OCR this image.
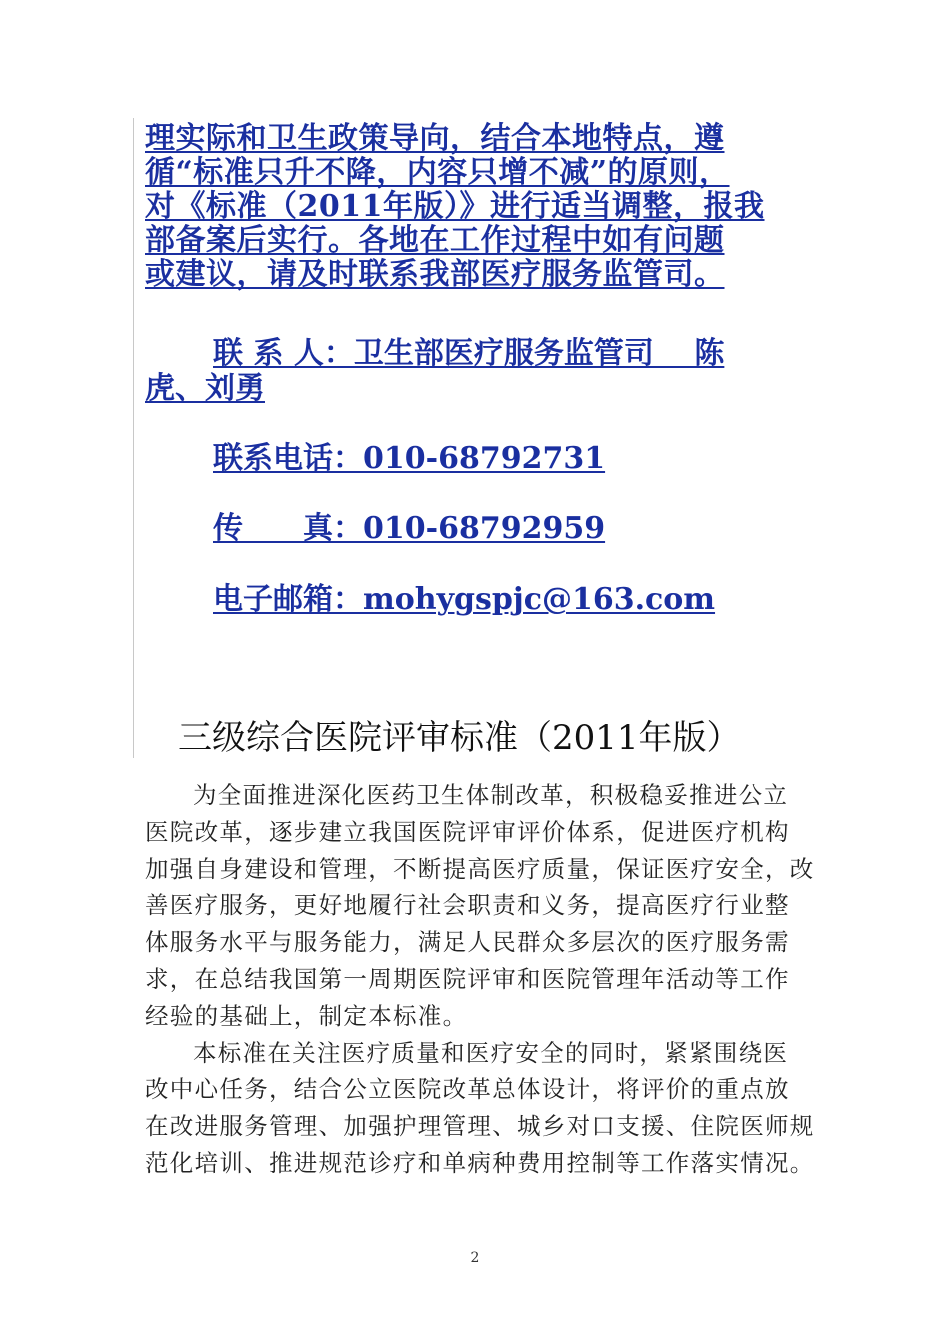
理实际和卫生政策导向，结合本地特点，遵
循“标准只升不降，内容只增不减”的原则，
对《标准（2011年版）》进行适当调整，报我
部备案后实行。各地在工作过程中如有问题
或建议，请及时联系我部医疗服务监管司。
联 系 人：卫生部医疗服务监管司　 陈
虎、刘勇
联系电话：010-68792731
传　　真：010-68792959
电子邮箱：mohygspjc@163.com
三级综合医院评审标准（2011年版）
为全面推进深化医药卫生体制改革，积极稳妥推进公立
医院改革，逐步建立我国医院评审评价体系，促进医疗机构
加强自身建设和管理，不断提高医疗质量，保证医疗安全，改
善医疗服务，更好地履行社会职责和义务，提高医疗行业整
体服务水平与服务能力，满足人民群众多层次的医疗服务需
求，在总结我国第一周期医院评审和医院管理年活动等工作
经验的基础上，制定本标准。
本标准在关注医疗质量和医疗安全的同时，紧紧围绕医
改中心任务，结合公立医院改革总体设计，将评价的重点放
在改进服务管理、加强护理管理、城乡对口支援、住院医师规
范化培训、推进规范诊疗和单病种费用控制等工作落实情况。
2
